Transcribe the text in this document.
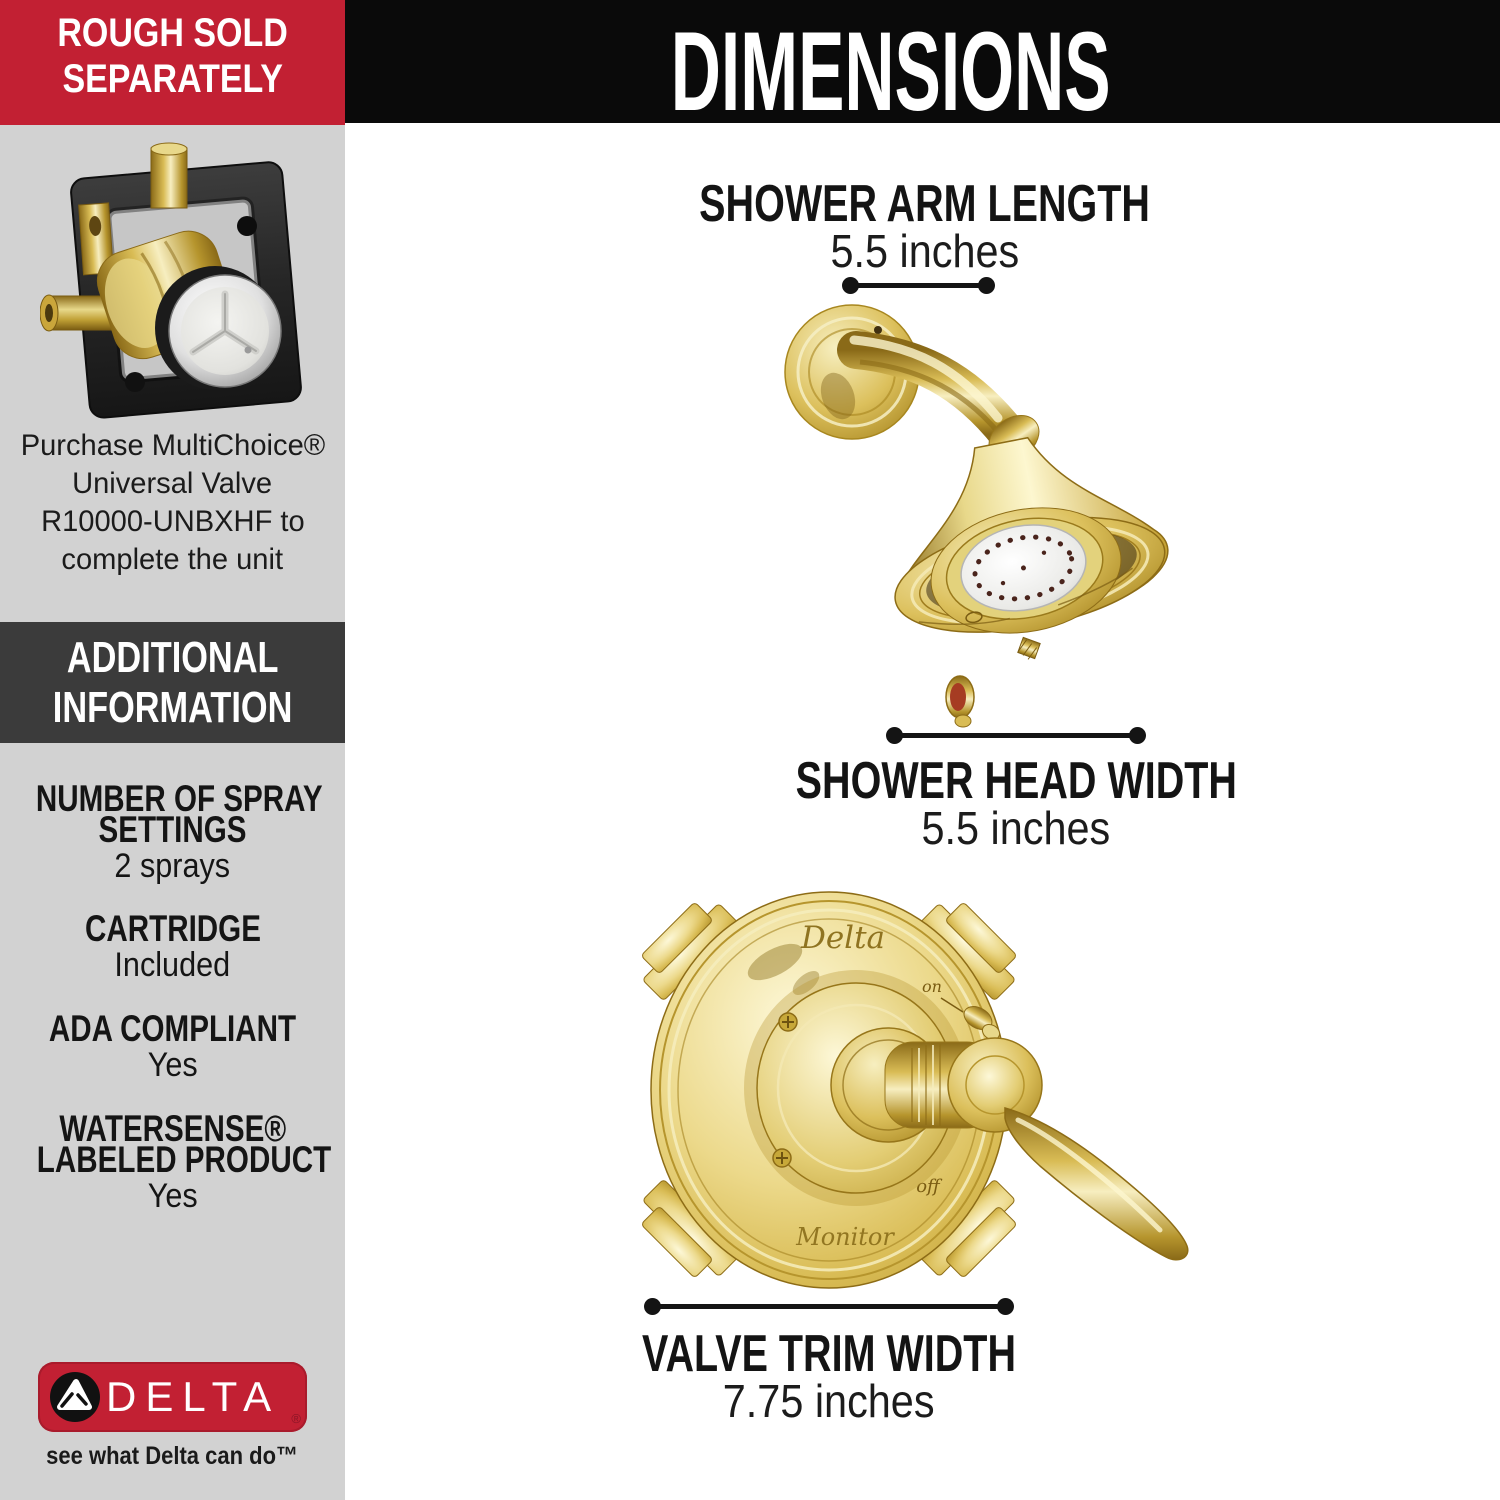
ROUGH SOLD
SEPARATELY
Purchase MultiChoice®
Universal Valve
R10000-UNBXHF to
complete the unit
ADDITIONAL
INFORMATION
NUMBER OF SPRAY
SETTINGS
2 sprays
CARTRIDGE
Included
ADA COMPLIANT
Yes
WATERSENSE®
LABELED PRODUCT
Yes
DELTA ®
see what Delta can do™
DIMENSIONS
SHOWER ARM LENGTH
5.5 inches
SHOWER HEAD WIDTH
5.5 inches
Delta
Monitor
on
off
VALVE TRIM WIDTH
7.75 inches
